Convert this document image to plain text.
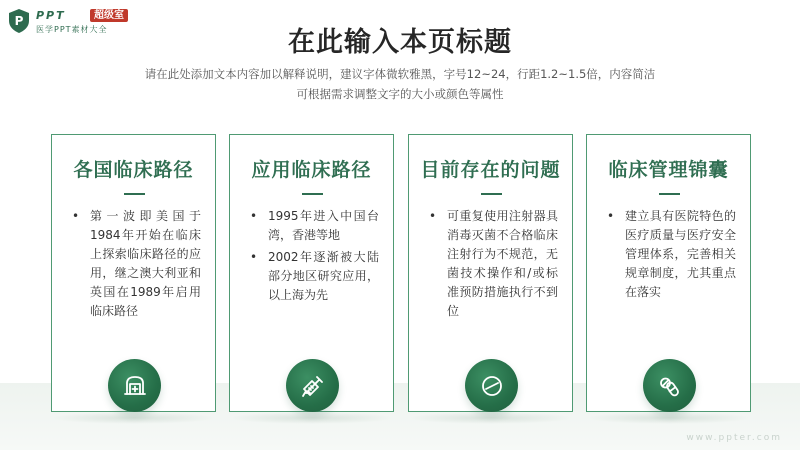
P PPT	超级室
医学PPT素材大全	在此输入本页标题
请在此处添加文本内容加以解释说明，建议字体微软雅黑，字号12~24，行距1.2~1.5倍，内容简洁
可根据需求调整文字的大小或颜色等属性
www.ppter.com
各国临床路径
• 第一波即美国于1984年开始在临床上探索临床路径的应用，继之澳大利亚和英国在1989年启用临床路径
应用临床路径
• 1995年进入中国台湾，香港等地
• 2002年逐渐被大陆部分地区研究应用，以上海为先
目前存在的问题
• 可重复使用注射器具消毒灭菌不合格临床注射行为不规范，无菌技术操作和/或标准预防措施执行不到位
临床管理锦囊
• 建立具有医院特色的医疗质量与医疗安全管理体系，完善相关规章制度，尤其重点在落实
